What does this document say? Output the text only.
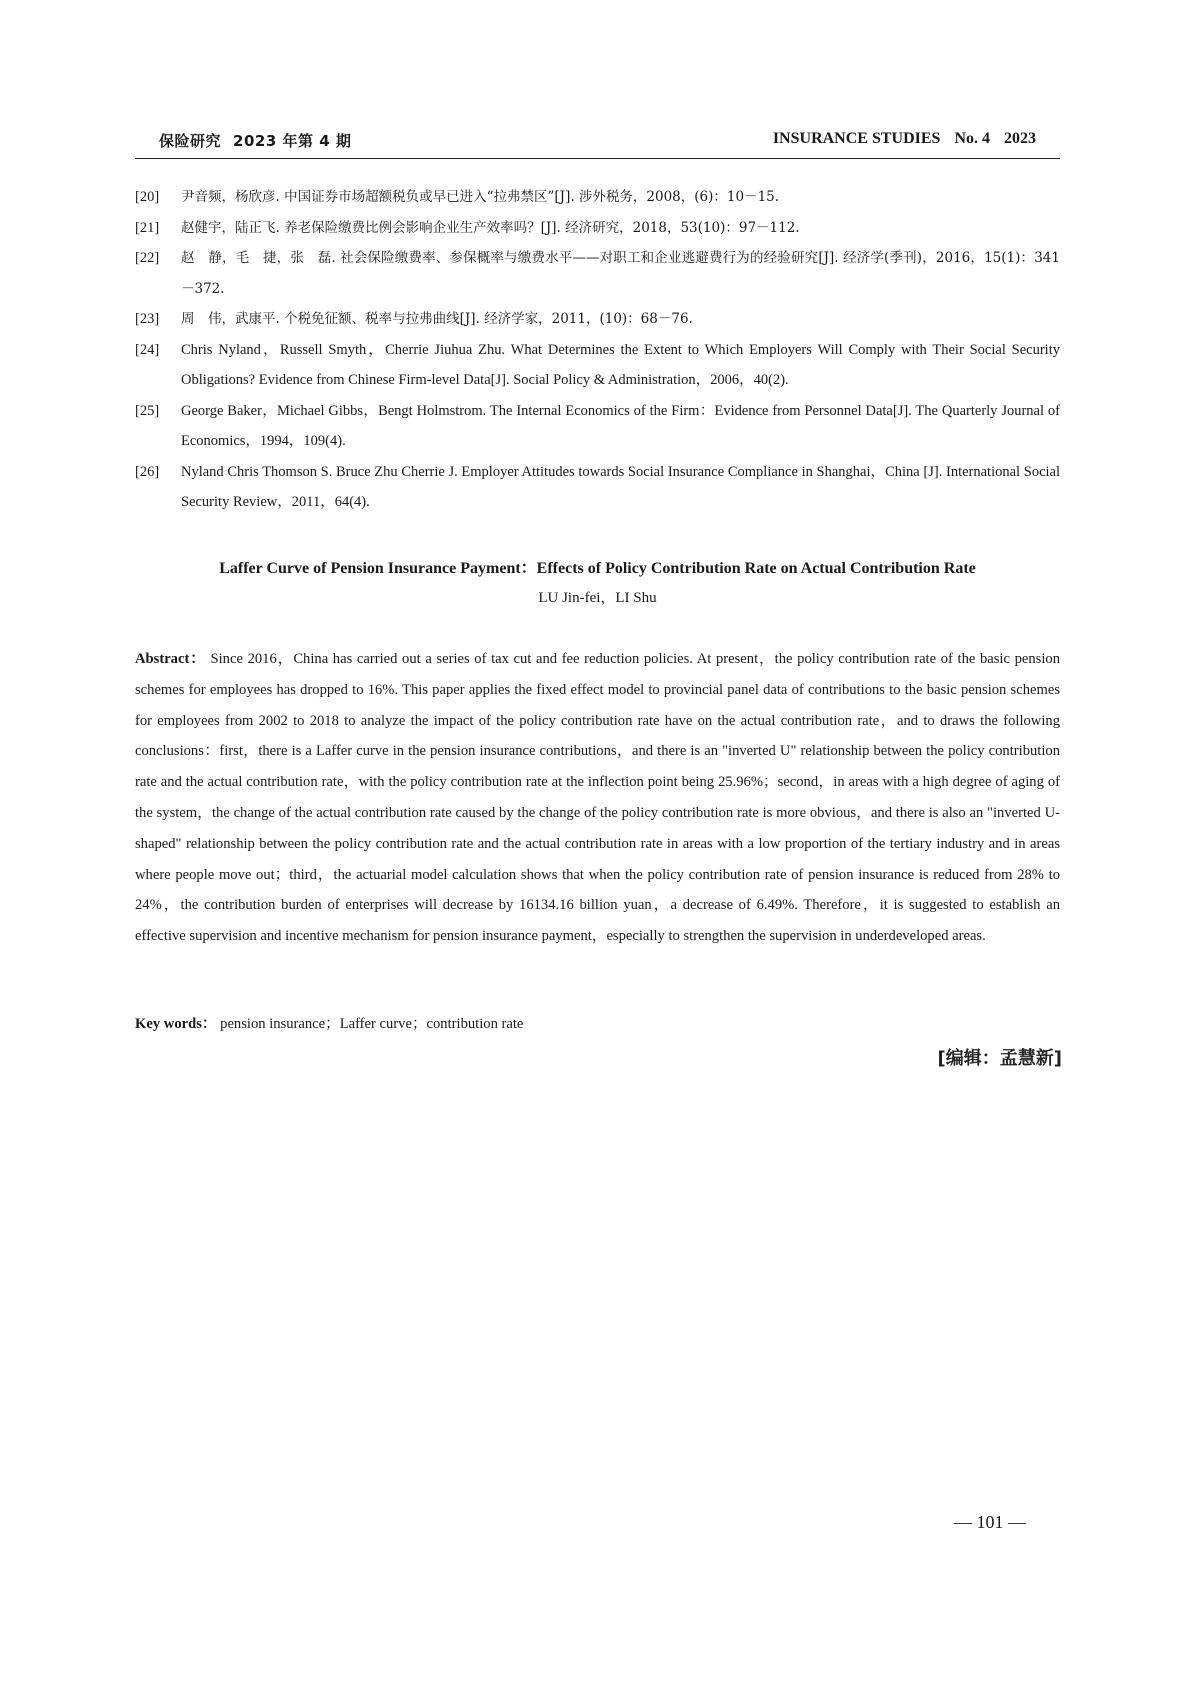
保险研究 2023 年第 4 期	INSURANCE STUDIES No. 4 2023
[20]	尹音频，杨欣彦. 中国证券市场超额税负或早已进入“拉弗禁区”[J]. 涉外税务，2008，(6)：10－15.
[21]	赵健宇，陆正飞. 养老保险缴费比例会影响企业生产效率吗？[J]. 经济研究，2018，53(10)：97－112.
[22]	赵　静，毛　捷，张　磊. 社会保险缴费率、参保概率与缴费水平——对职工和企业逃避费行为的经验研究[J]. 经济学(季刊)，2016，15(1)：341－372.
[23]	周　伟，武康平. 个税免征额、税率与拉弗曲线[J]. 经济学家，2011，(10)：68－76.
[24]	Chris Nyland，Russell Smyth，Cherrie Jiuhua Zhu. What Determines the Extent to Which Employers Will Comply with Their Social Security Obligations? Evidence from Chinese Firm-level Data[J]. Social Policy & Administration，2006，40(2).
[25]	George Baker，Michael Gibbs，Bengt Holmstrom. The Internal Economics of the Firm：Evidence from Personnel Data[J]. The Quarterly Journal of Economics，1994，109(4).
[26]	Nyland Chris Thomson S. Bruce Zhu Cherrie J. Employer Attitudes towards Social Insurance Compliance in Shanghai，China [J]. International Social Security Review，2011，64(4).
Laffer Curve of Pension Insurance Payment：Effects of Policy Contribution Rate on Actual Contribution Rate
LU Jin-fei，LI Shu
Abstract： Since 2016，China has carried out a series of tax cut and fee reduction policies. At present，the policy contribution rate of the basic pension schemes for employees has dropped to 16%. This paper applies the fixed effect model to provincial panel data of contributions to the basic pension schemes for employees from 2002 to 2018 to analyze the impact of the policy contribution rate have on the actual contribution rate，and to draws the following conclusions：first，there is a Laffer curve in the pension insurance contributions，and there is an "inverted U" relationship between the policy contribution rate and the actual contribution rate，with the policy contribution rate at the inflection point being 25.96%；second，in areas with a high degree of aging of the system，the change of the actual contribution rate caused by the change of the policy contribution rate is more obvious，and there is also an "inverted U-shaped" relationship between the policy contribution rate and the actual contribution rate in areas with a low proportion of the tertiary industry and in areas where people move out；third，the actuarial model calculation shows that when the policy contribution rate of pension insurance is reduced from 28% to 24%，the contribution burden of enterprises will decrease by 16134.16 billion yuan，a decrease of 6.49%. Therefore，it is suggested to establish an effective supervision and incentive mechanism for pension insurance payment，especially to strengthen the supervision in underdeveloped areas.
Key words： pension insurance；Laffer curve；contribution rate
[编辑：孟慧新]
— 101 —
